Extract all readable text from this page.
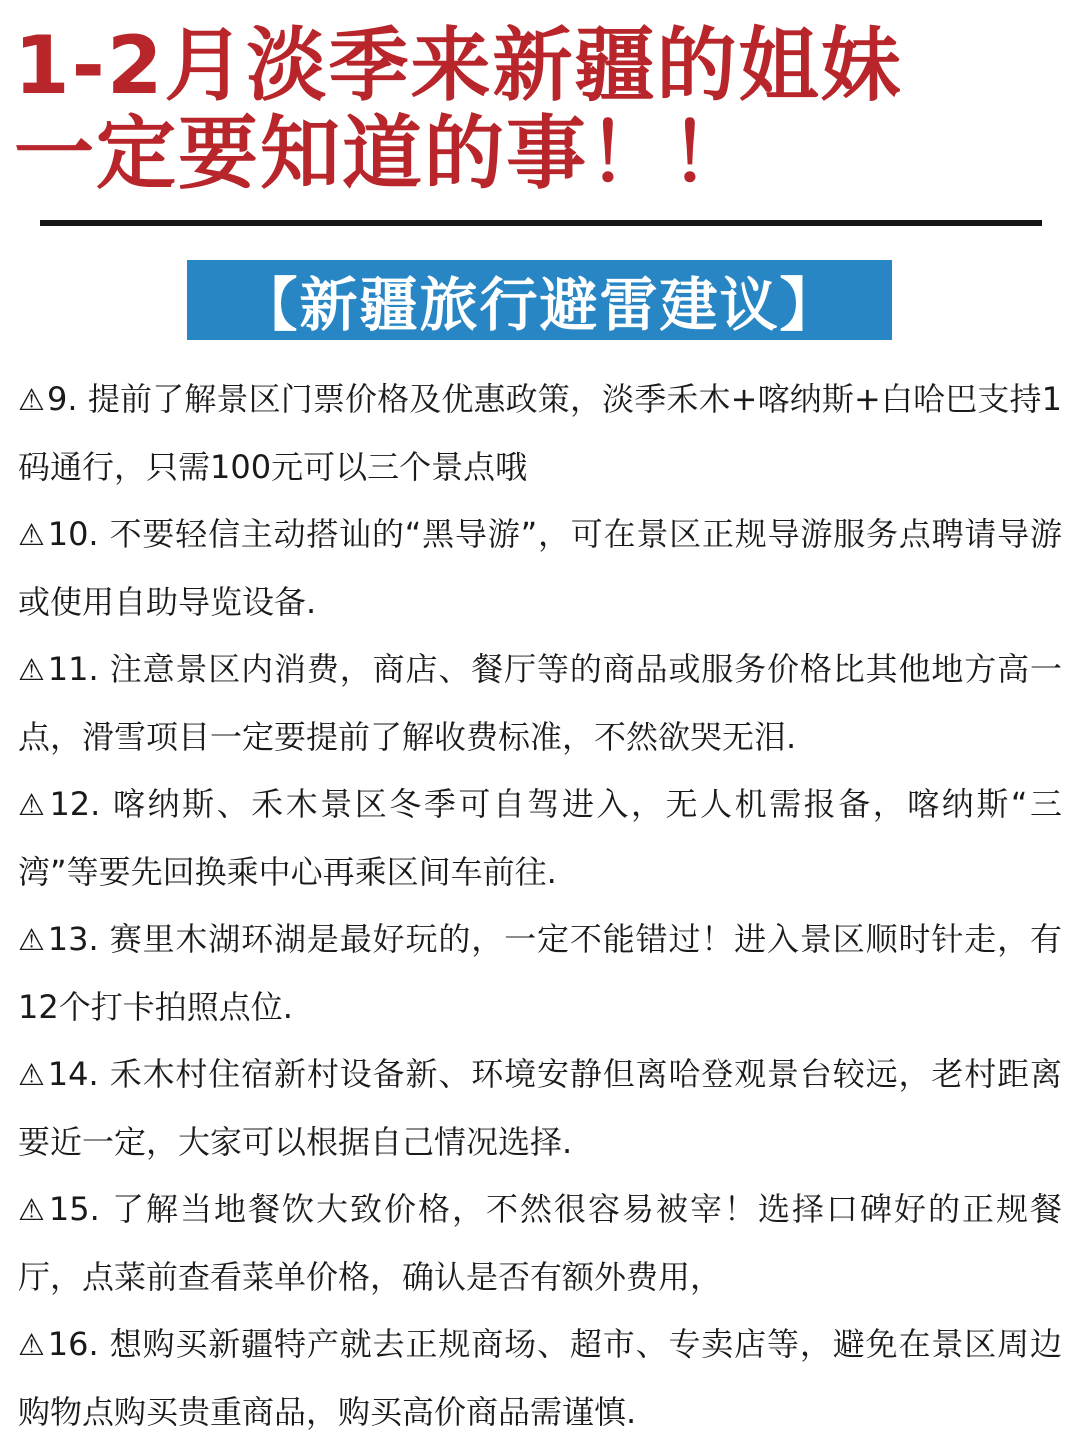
1-2月淡季来新疆的姐妹
一定要知道的事！！
【新疆旅行避雷建议】
⚠9. 提前了解景区门票价格及优惠政策，淡季禾木+喀纳斯+白哈巴支持1码通行，只需100元可以三个景点哦
⚠10. 不要轻信主动搭讪的“黑导游”，可在景区正规导游服务点聘请导游或使用自助导览设备.
⚠11. 注意景区内消费，商店、餐厅等的商品或服务价格比其他地方高一点，滑雪项目一定要提前了解收费标准，不然欲哭无泪.
⚠12. 喀纳斯、禾木景区冬季可自驾进入，无人机需报备，喀纳斯“三湾”等要先回换乘中心再乘区间车前往.
⚠13. 赛里木湖环湖是最好玩的，一定不能错过！进入景区顺时针走，有12个打卡拍照点位.
⚠14. 禾木村住宿新村设备新、环境安静但离哈登观景台较远，老村距离要近一定，大家可以根据自己情况选择.
⚠15. 了解当地餐饮大致价格，不然很容易被宰！选择口碑好的正规餐厅，点菜前查看菜单价格，确认是否有额外费用，
⚠16. 想购买新疆特产就去正规商场、超市、专卖店等，避免在景区周边购物点购买贵重商品，购买高价商品需谨慎.
